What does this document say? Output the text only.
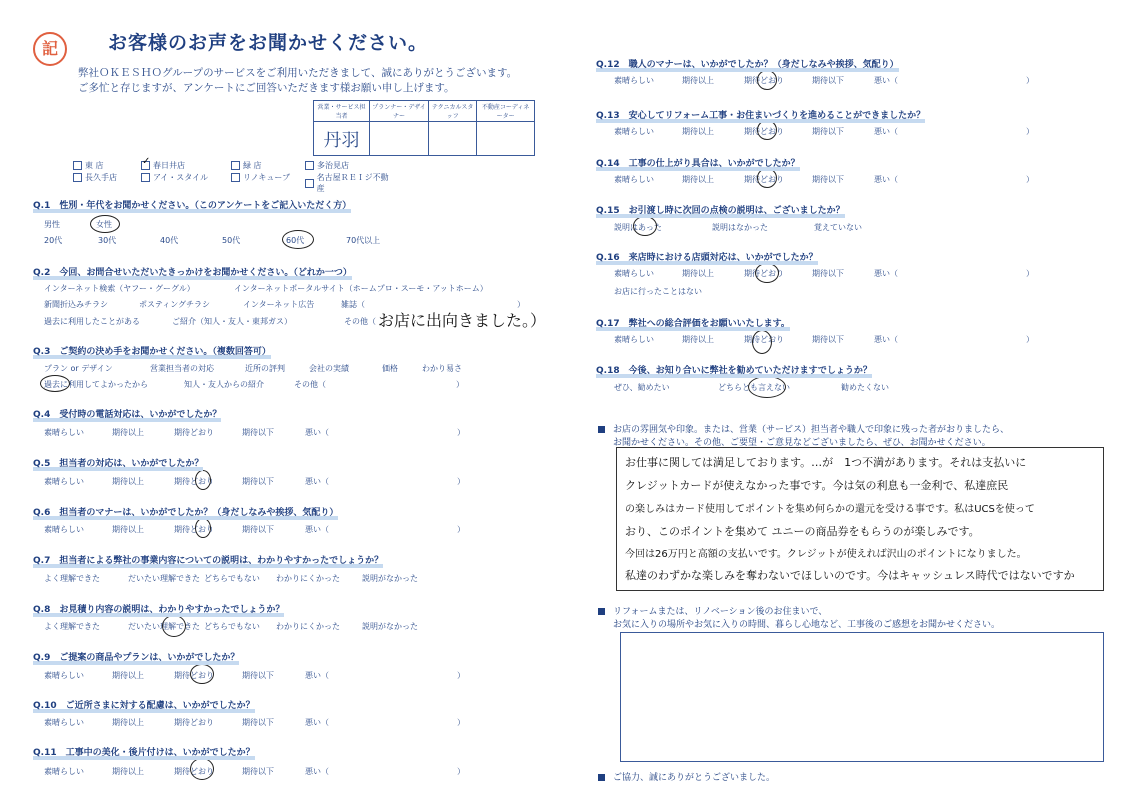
記	お客様のお声をお聞かせください。
弊社ＯＫＥＳＨＯグループのサービスをご利用いただきまして、誠にありがとうございます。
ご多忙と存じますが、アンケートにご回答いただきます様お願い申し上げます。
営業・サービス担当者	プランナー・デザイナー	テクニカルスタッフ	不動産コーディネーター
丹羽			
東 店	✓ 春日井店	緑 店	多治見店
長久手店	アイ・スタイル	リノキューブ	名古屋ＲＥＩジ不動産
Q.1　性別・年代をお聞かせください。（このアンケートをご記入いただく方）
男性	女性
20代	30代	40代	50代	60代	70代以上
Q.2　今回、お問合せいただいたきっかけをお聞かせください。（どれか一つ）
インターネット検索（ヤフー・グーグル）	インターネットポータルサイト（ホームプロ・スーモ・アットホーム）
新聞折込みチラシ	ポスティングチラシ	インターネット広告	雑誌（	）
過去に利用したことがある	ご紹介（知人・友人・東邦ガス）	その他（ お店に出向きました。）
Q.3　ご契約の決め手をお聞かせください。（複数回答可）
プラン or デザイン	営業担当者の対応	近所の評判	会社の実績	価格	わかり易さ
過去に利用してよかったから	知人・友人からの紹介	その他（	）
Q.4　受付時の電話対応は、いかがでしたか？
素晴らしい	期待以上	期待どおり	期待以下	悪い（	）
Q.5　担当者の対応は、いかがでしたか？
素晴らしい	期待以上	期待どおり	期待以下	悪い（	）
Q.6　担当者のマナーは、いかがでしたか？（身だしなみや挨拶、気配り）
素晴らしい	期待以上	期待どおり	期待以下	悪い（	）
Q.7　担当者による弊社の事業内容についての説明は、わかりやすかったでしょうか？
よく理解できた	だいたい理解できた どちらでもない わかりにくかった	説明がなかった
Q.8　お見積り内容の説明は、わかりやすかったでしょうか？
よく理解できた	だいたい理解できた どちらでもない わかりにくかった	説明がなかった
Q.9　ご提案の商品やプランは、いかがでしたか？
素晴らしい	期待以上	期待どおり	期待以下	悪い（	）
Q.10　ご近所さまに対する配慮は、いかがでしたか？
素晴らしい	期待以上	期待どおり	期待以下	悪い（	）
Q.11　工事中の美化・後片付けは、いかがでしたか？
素晴らしい	期待以上	期待どおり	期待以下	悪い（	）
Q.12　職人のマナーは、いかがでしたか？（身だしなみや挨拶、気配り）
素晴らしい	期待以上	期待どおり	期待以下	悪い（	）
Q.13　安心してリフォーム工事・お住まいづくりを進めることができましたか？
素晴らしい	期待以上	期待どおり	期待以下	悪い（	）
Q.14　工事の仕上がり具合は、いかがでしたか？
素晴らしい	期待以上	期待どおり	期待以下	悪い（	）
Q.15　お引渡し時に次回の点検の説明は、ございましたか？
説明はあった	説明はなかった	覚えていない
Q.16　来店時における店頭対応は、いかがでしたか？
素晴らしい	期待以上	期待どおり	期待以下	悪い（	）
お店に行ったことはない
Q.17　弊社への総合評価をお願いいたします。
素晴らしい	期待以上	期待どおり	期待以下	悪い（	）
Q.18　今後、お知り合いに弊社を勧めていただけますでしょうか？
ぜひ、勧めたい	どちらとも言えない	勧めたくない
お店の雰囲気や印象。または、営業（サービス）担当者や職人で印象に残った者がおりましたら、
お聞かせください。その他、ご要望・ご意見などございましたら、ぜひ、お聞かせください。
お仕事に関しては満足しております。…が　1つ不満があります。それは支払いに
クレジットカードが使えなかった事です。今は気の利息も一金利で、私達庶民
の楽しみはカード使用してポイントを集め何らかの還元を受ける事です。私はUCSを使って
おり、このポイントを集めて ユニーの商品券をもらうのが楽しみです。
今回は26万円と高額の支払いです。クレジットが使えれば沢山のポイントになりました。
私達のわずかな楽しみを奪わないでほしいのです。今はキャッシュレス時代ではないですか
リフォームまたは、リノベーション後のお住まいで、
お気に入りの場所やお気に入りの時間、暮らし心地など、工事後のご感想をお聞かせください。
ご協力、誠にありがとうございました。
